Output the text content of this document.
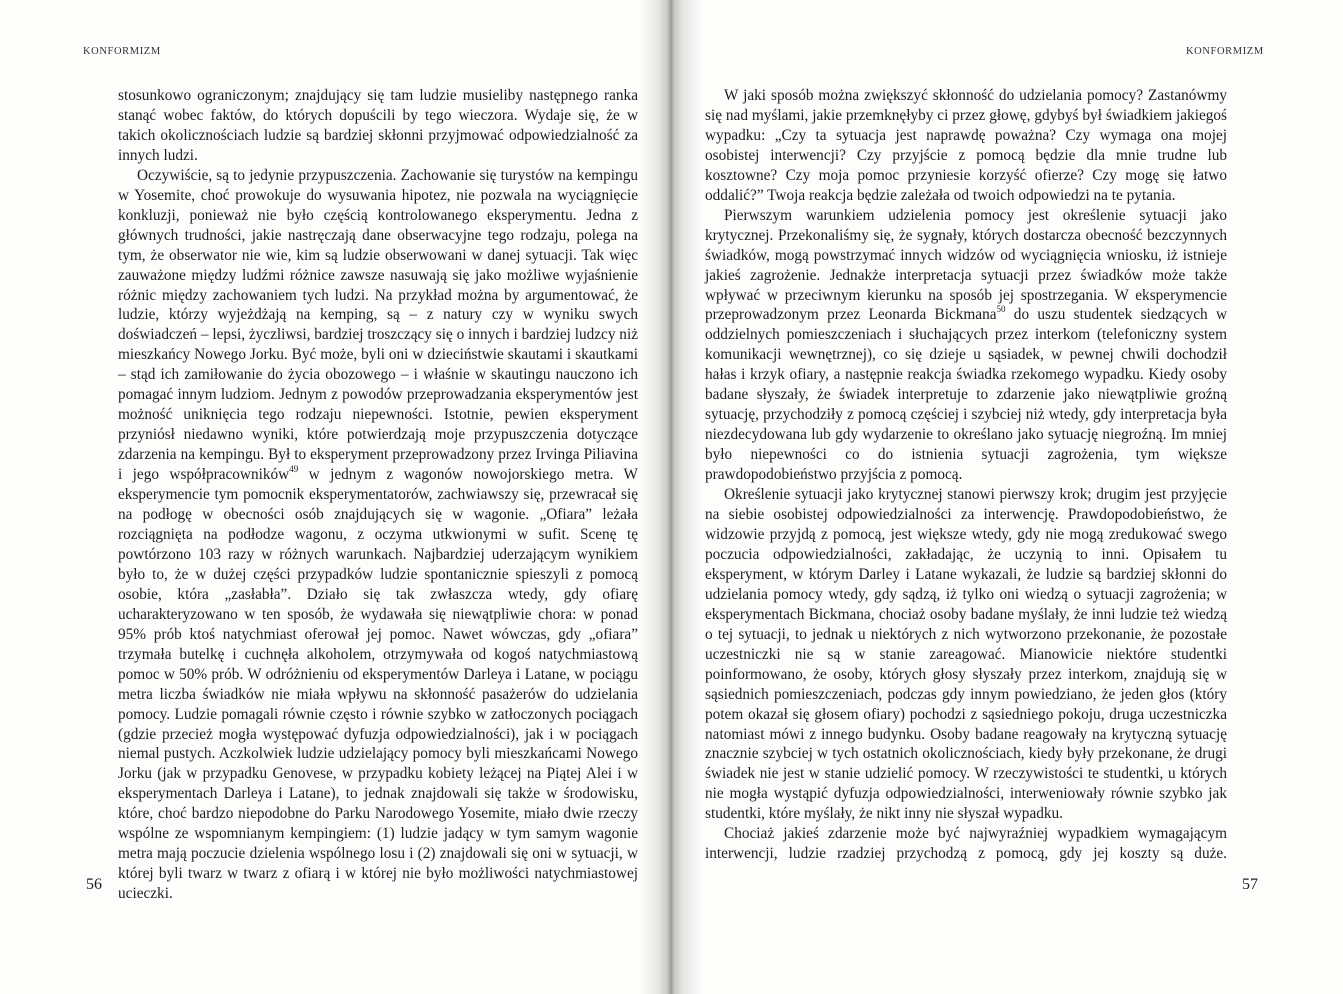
KONFORMIZM

stosunkowo ograniczonym; znajdujący się tam ludzie musieliby następnego ranka stanąć wobec faktów, do których dopuścili by tego wieczora. Wydaje się, że w takich okolicznościach ludzie są bardziej skłonni przyjmować odpowiedzialność za innych ludzi.

Oczywiście, są to jedynie przypuszczenia. Zachowanie się turystów na kempingu w Yosemite, choć prowokuje do wysuwania hipotez, nie pozwala na wyciągnięcie konkluzji, ponieważ nie było częścią kontrolowanego eksperymentu. Jedna z głównych trudności, jakie nastręczają dane obserwacyjne tego rodzaju, polega na tym, że obserwator nie wie, kim są ludzie obserwowani w danej sytuacji. Tak więc zauważone między ludźmi różnice zawsze nasuwają się jako możliwe wyjaśnienie różnic między zachowaniem tych ludzi. Na przykład można by argumentować, że ludzie, którzy wyjeżdżają na kemping, są – z natury czy w wyniku swych doświadczeń – lepsi, życzliwsi, bardziej troszczący się o innych i bardziej ludzcy niż mieszkańcy Nowego Jorku. Być może, byli oni w dzieciństwie skautami i skautkami – stąd ich zamiłowanie do życia obozowego – i właśnie w skautingu nauczono ich pomagać innym ludziom. Jednym z powodów przeprowadzania eksperymentów jest możność uniknięcia tego rodzaju niepewności. Istotnie, pewien eksperyment przyniósł niedawno wyniki, które potwierdzają moje przypuszczenia dotyczące zdarzenia na kempingu. Był to eksperyment przeprowadzony przez Irvinga Piliavina i jego współpracowników$^{49}$ w jednym z wagonów nowojorskiego metra. W eksperymencie tym pomocnik eksperymentatorów, zachwiawszy się, przewracał się na podłogę w obecności osób znajdujących się w wagonie. „Ofiara” leżała rozciągnięta na podłodze wagonu, z oczyma utkwionymi w sufit. Scenę tę powtórzono 103 razy w różnych warunkach. Najbardziej uderzającym wynikiem było to, że w dużej części przypadków ludzie spontanicznie spieszyli z pomocą osobie, która „zasłabła”. Działo się tak zwłaszcza wtedy, gdy ofiarę ucharakteryzowano w ten sposób, że wydawała się niewątpliwie chora: w ponad 95% prób ktoś natychmiast oferował jej pomoc. Nawet wówczas, gdy „ofiara” trzymała butelkę i cuchnęła alkoholem, otrzymywała od kogoś natychmiastową pomoc w 50% prób. W odróżnieniu od eksperymentów Darleya i Latane, w pociągu metra liczba świadków nie miała wpływu na skłonność pasażerów do udzielania pomocy. Ludzie pomagali równie często i równie szybko w zatłoczonych pociągach (gdzie przecież mogła występować dyfuzja odpowiedzialności), jak i w pociągach niemal pustych. Aczkolwiek ludzie udzielający pomocy byli mieszkańcami Nowego Jorku (jak w przypadku Genovese, w przypadku kobiety leżącej na Piątej Alei i w eksperymentach Darleya i Latane), to jednak znajdowali się także w środowisku, które, choć bardzo niepodobne do Parku Narodowego Yosemite, miało dwie rzeczy wspólne ze wspomnianym kempingiem: (1) ludzie jadący w tym samym wagonie metra mają poczucie dzielenia wspólnego losu i (2) znajdowali się oni w sytuacji, w której byli twarz w twarz z ofiarą i w której nie było możliwości natychmiastowej ucieczki.

56
KONFORMIZM

W jaki sposób można zwiększyć skłonność do udzielania pomocy? Zastanówmy się nad myślami, jakie przemknęłyby ci przez głowę, gdybyś był świadkiem jakiegoś wypadku: „Czy ta sytuacja jest naprawdę poważna? Czy wymaga ona mojej osobistej interwencji? Czy przyjście z pomocą będzie dla mnie trudne lub kosztowne? Czy moja pomoc przyniesie korzyść ofierze? Czy mogę się łatwo oddalić?” Twoja reakcja będzie zależała od twoich odpowiedzi na te pytania.

Pierwszym warunkiem udzielenia pomocy jest określenie sytuacji jako krytycznej. Przekonaliśmy się, że sygnały, których dostarcza obecność bezczynnych świadków, mogą powstrzymać innych widzów od wyciągnięcia wniosku, iż istnieje jakieś zagrożenie. Jednakże interpretacja sytuacji przez świadków może także wpływać w przeciwnym kierunku na sposób jej spostrzegania. W eksperymencie przeprowadzonym przez Leonarda Bickmana$^{50}$ do uszu studentek siedzących w oddzielnych pomieszczeniach i słuchających przez interkom (telefoniczny system komunikacji wewnętrznej), co się dzieje u sąsiadek, w pewnej chwili dochodził hałas i krzyk ofiary, a następnie reakcja świadka rzekomego wypadku. Kiedy osoby badane słyszały, że świadek interpretuje to zdarzenie jako niewątpliwie groźną sytuację, przychodziły z pomocą częściej i szybciej niż wtedy, gdy interpretacja była niezdecydowana lub gdy wydarzenie to określano jako sytuację niegroźną. Im mniej było niepewności co do istnienia sytuacji zagrożenia, tym większe prawdopodobieństwo przyjścia z pomocą.

Określenie sytuacji jako krytycznej stanowi pierwszy krok; drugim jest przyjęcie na siebie osobistej odpowiedzialności za interwencję. Prawdopodobieństwo, że widzowie przyjdą z pomocą, jest większe wtedy, gdy nie mogą zredukować swego poczucia odpowiedzialności, zakładając, że uczynią to inni. Opisałem tu eksperyment, w którym Darley i Latane wykazali, że ludzie są bardziej skłonni do udzielania pomocy wtedy, gdy sądzą, iż tylko oni wiedzą o sytuacji zagrożenia; w eksperymentach Bickmana, chociaż osoby badane myślały, że inni ludzie też wiedzą o tej sytuacji, to jednak u niektórych z nich wytworzono przekonanie, że pozostałe uczestniczki nie są w stanie zareagować. Mianowicie niektóre studentki poinformowano, że osoby, których głosy słyszały przez interkom, znajdują się w sąsiednich pomieszczeniach, podczas gdy innym powiedziano, że jeden głos (który potem okazał się głosem ofiary) pochodzi z sąsiedniego pokoju, druga uczestniczka natomiast mówi z innego budynku. Osoby badane reagowały na krytyczną sytuację znacznie szybciej w tych ostatnich okolicznościach, kiedy były przekonane, że drugi świadek nie jest w stanie udzielić pomocy. W rzeczywistości te studentki, u których nie mogła wystąpić dyfuzja odpowiedzialności, interweniowały równie szybko jak studentki, które myślały, że nikt inny nie słyszał wypadku.

Chociaż jakieś zdarzenie może być najwyraźniej wypadkiem wymagającym interwencji, ludzie rzadziej przychodzą z pomocą, gdy jej koszty są duże.

57
